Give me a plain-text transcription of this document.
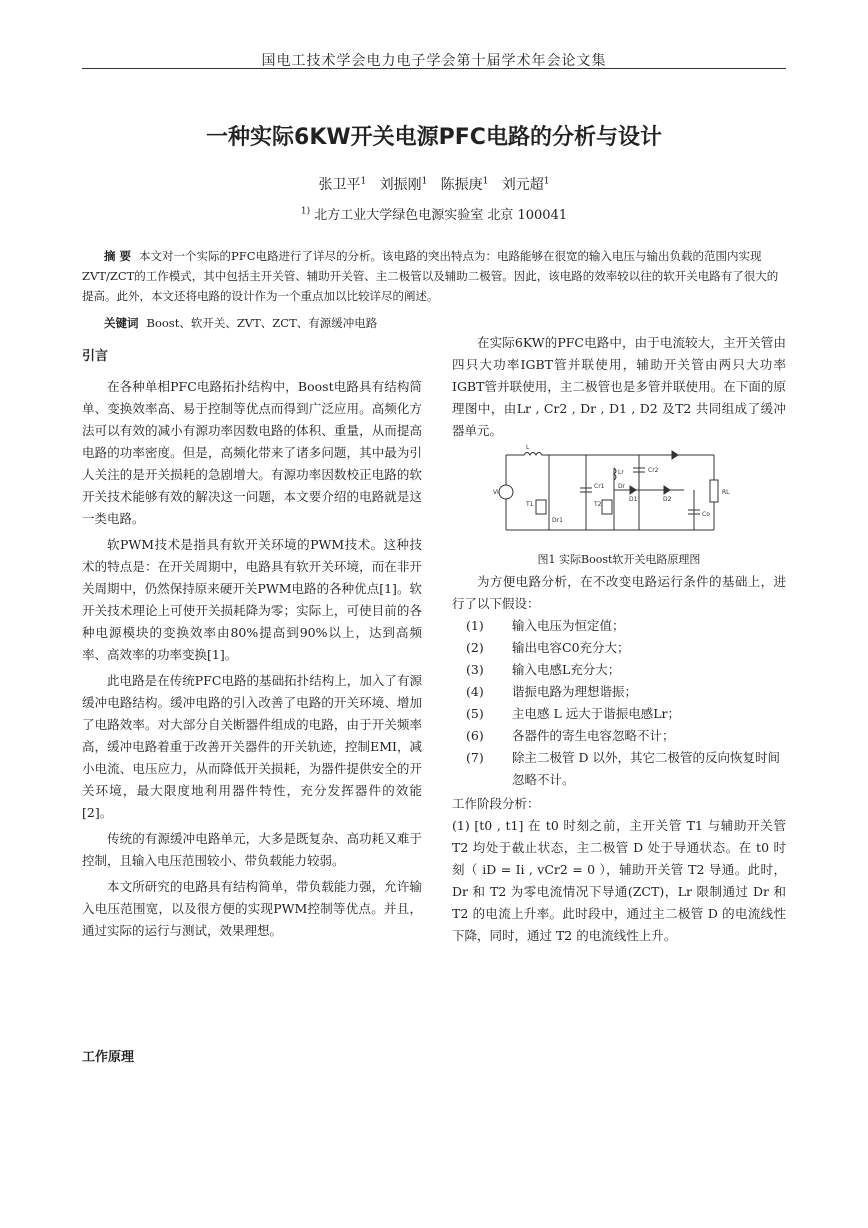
国电工技术学会电力电子学会第十届学术年会论文集
一种实际6KW开关电源PFC电路的分析与设计
张卫平$^1$ 刘振刚$^1$ 陈振庚$^1$ 刘元超$^1$
$^{1)}$ 北方工业大学绿色电源实验室 北京 100041
摘 要 本文对一个实际的PFC电路进行了详尽的分析。该电路的突出特点为：电路能够在很宽的输入电压与输出负载的范围内实现ZVT/ZCT的工作模式，其中包括主开关管、辅助开关管、主二极管以及辅助二极管。因此，该电路的效率较以往的软开关电路有了很大的提高。此外，本文还将电路的设计作为一个重点加以比较详尽的阐述。
关键词 Boost、软开关、ZVT、ZCT、有源缓冲电路
引言

在各种单相PFC电路拓扑结构中，Boost电路具有结构简单、变换效率高、易于控制等优点而得到广泛应用。高频化方法可以有效的减小有源功率因数电路的体积、重量，从而提高电路的功率密度。但是，高频化带来了诸多问题，其中最为引人关注的是开关损耗的急剧增大。有源功率因数校正电路的软开关技术能够有效的解决这一问题，本文要介绍的电路就是这一类电路。

软PWM技术是指具有软开关环境的PWM技术。这种技术的特点是：在开关周期中，电路具有软开关环境，而在非开关周期中，仍然保持原来硬开关PWM电路的各种优点[1]。软开关技术理论上可使开关损耗降为零；实际上，可使目前的各种电源模块的变换效率由80%提高到90%以上，达到高频率、高效率的功率变换[1]。

此电路是在传统PFC电路的基础拓扑结构上，加入了有源缓冲电路结构。缓冲电路的引入改善了电路的开关环境、增加了电路效率。对大部分自关断器件组成的电路，由于开关频率高，缓冲电路着重于改善开关器件的开关轨迹，控制EMI，减小电流、电压应力，从而降低开关损耗，为器件提供安全的开关环境，最大限度地利用器件特性，充分发挥器件的效能[2]。

传统的有源缓冲电路单元，大多是既复杂、高功耗又难于控制，且输入电压范围较小、带负载能力较弱。

本文所研究的电路具有结构简单，带负载能力强，允许输入电压范围宽，以及很方便的实现PWM控制等优点。并且，通过实际的运行与测试，效果理想。

在实际6KW的PFC电路中，由于电流较大，主开关管由四只大功率IGBT管并联使用，辅助开关管由两只大功率IGBT管并联使用，主二极管也是多管并联使用。在下面的原理图中，由Lr , Cr2 , Dr , D1 , D2 及T2 共同组成了缓冲器单元。

L
Lr	Cr2
Dr
Cr1
T2
D1	D2
T1
Dr1
Co
RL
Vi
图1 实际Boost软开关电路原理图

为方便电路分析，在不改变电路运行条件的基础上，进行了以下假设：

(1)	输入电压为恒定值；
(2)	输出电容C0充分大；
(3)	输入电感L充分大；
(4)	谐振电路为理想谐振；
(5)	主电感 L 远大于谐振电感Lr；
(6)	各器件的寄生电容忽略不计；
(7)	除主二极管 D 以外，其它二极管的反向恢复时间忽略不计。
工作阶段分析：

(1) [t0 , t1] 在 t0 时刻之前，主开关管 T1 与辅助开关管 T2 均处于截止状态，主二极管 D 处于导通状态。在 t0 时刻（ iD = Ii , vCr2 = 0 ），辅助开关管 T2 导通。此时，Dr 和 T2 为零电流情况下导通(ZCT)，Lr 限制通过 Dr 和 T2 的电流上升率。此时段中，通过主二极管 D 的电流线性下降，同时，通过 T2 的电流线性上升。

工作原理
